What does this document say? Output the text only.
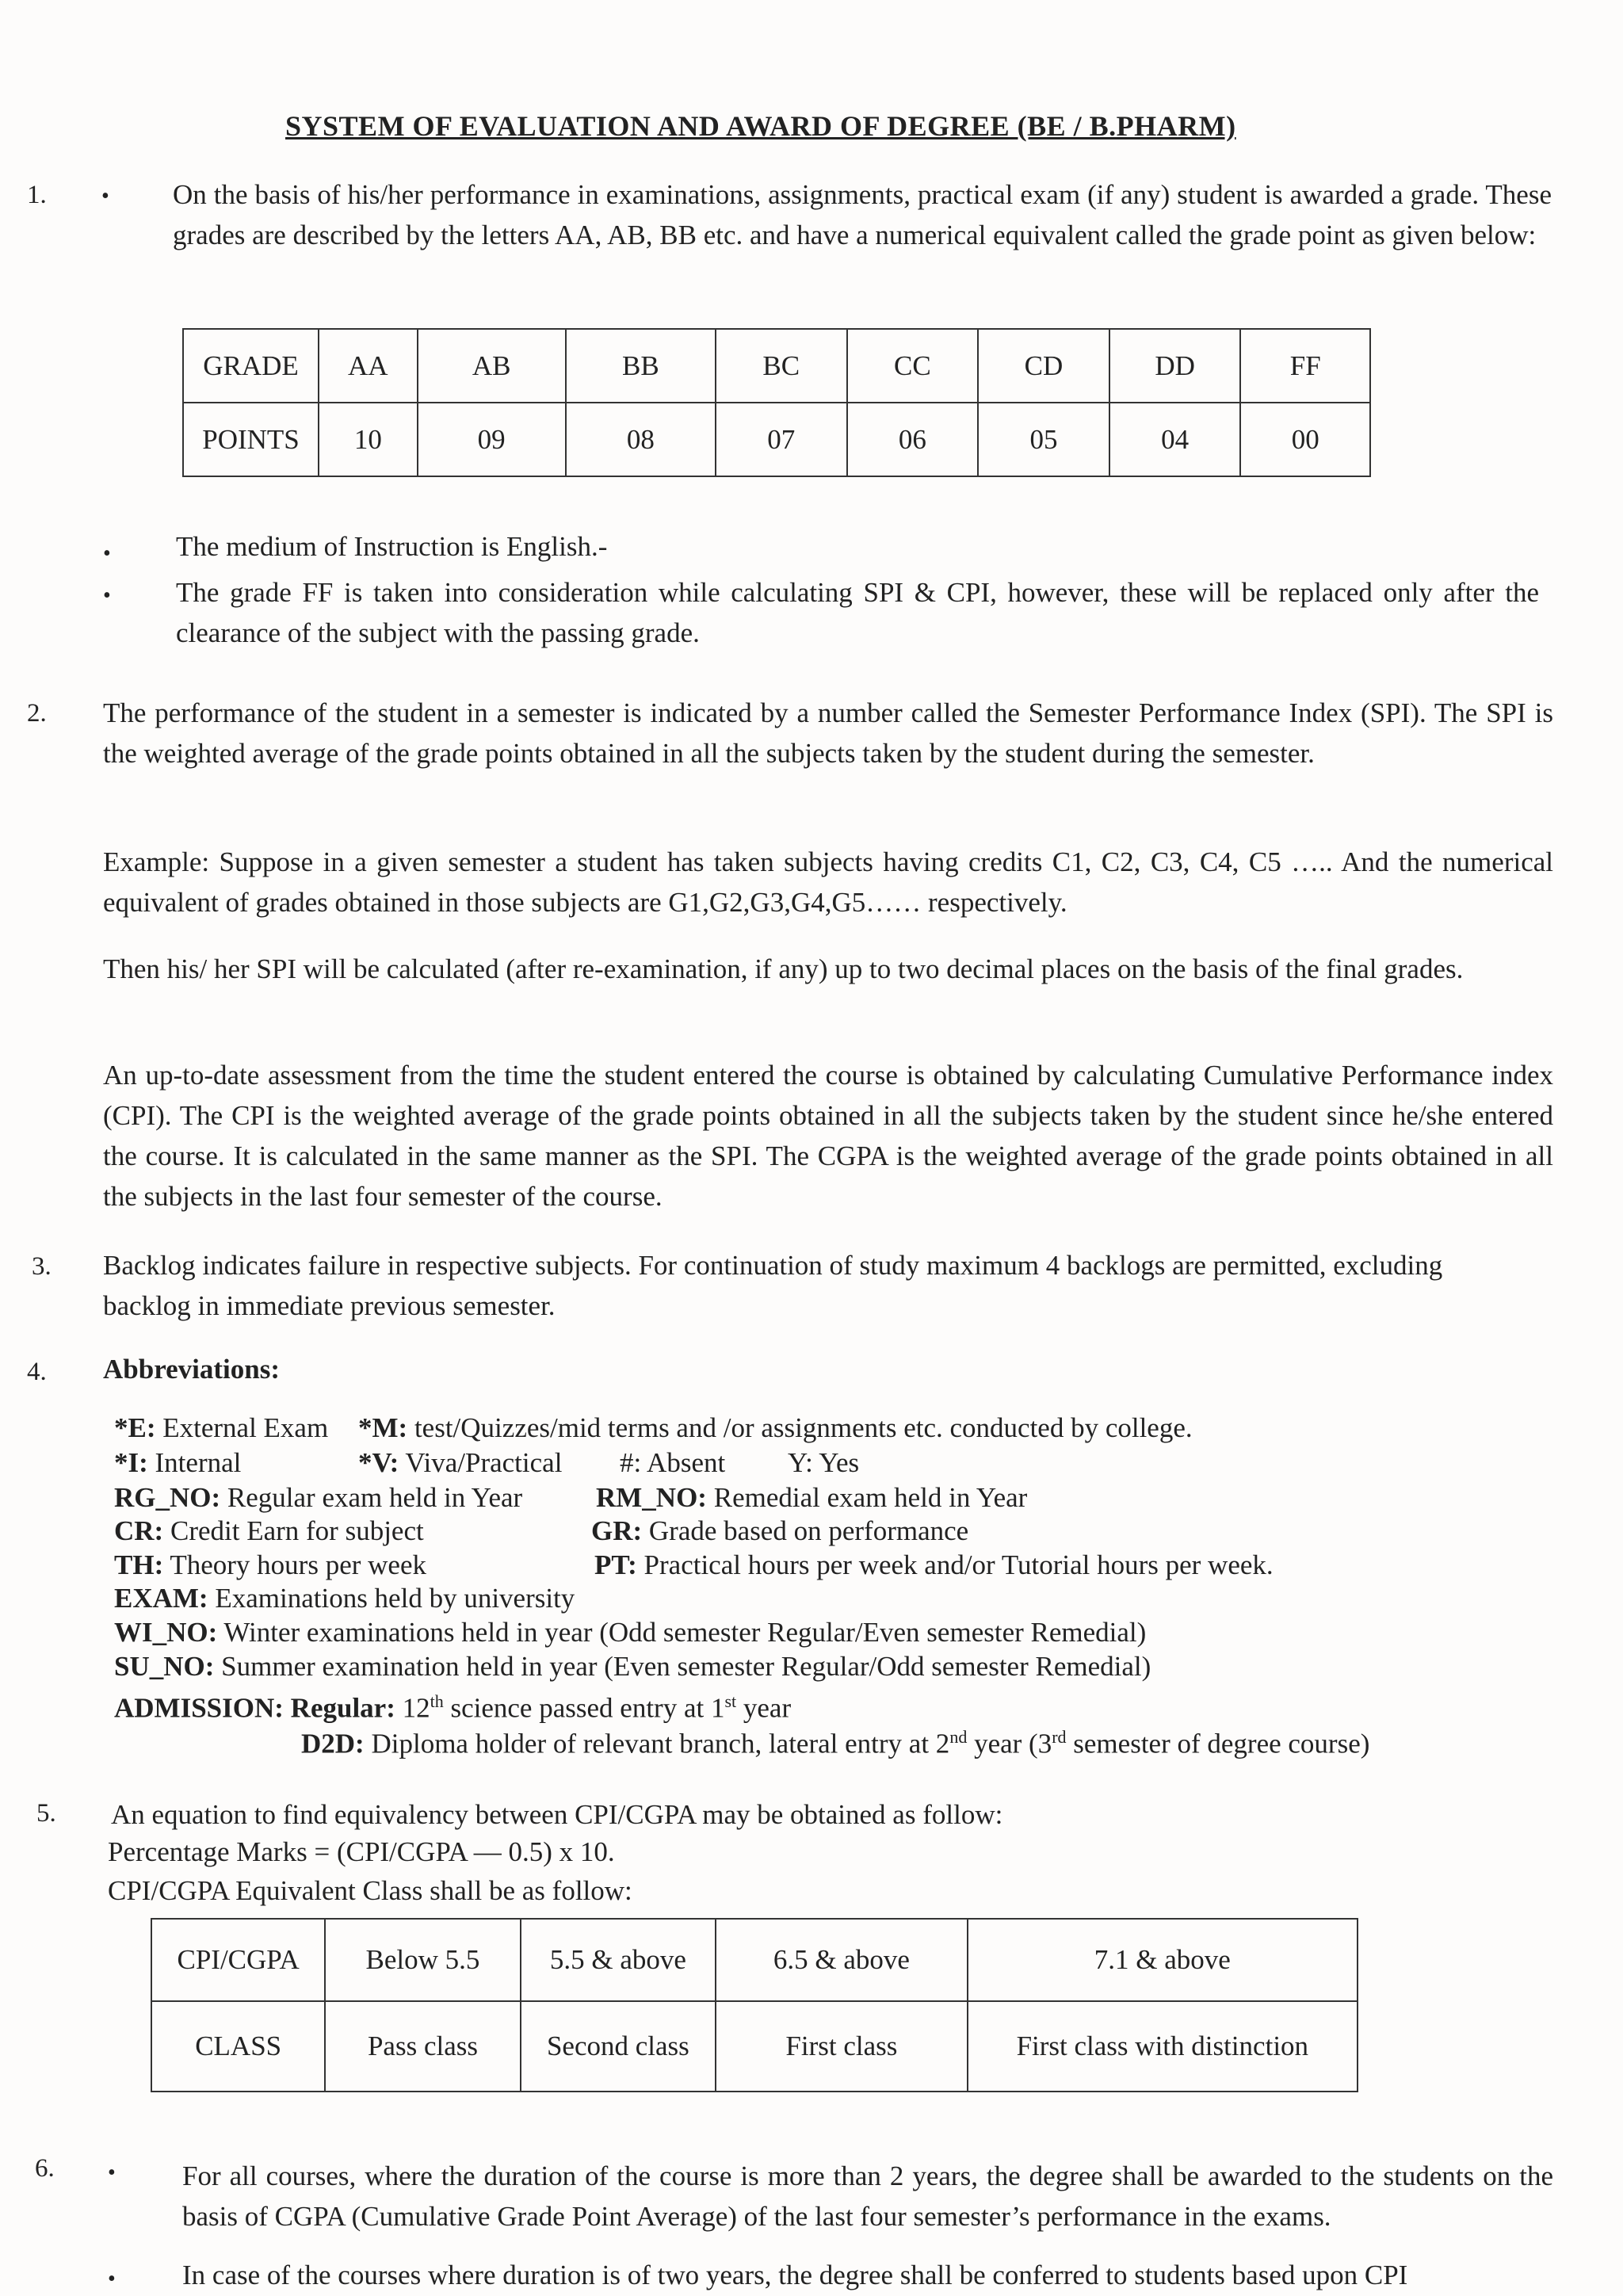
SYSTEM OF EVALUATION AND AWARD OF DEGREE (BE / B.PHARM)
1. • On the basis of his/her performance in examinations, assignments, practical exam (if any) student is awarded a grade. These grades are described by the letters AA, AB, BB etc. and have a numerical equivalent called the grade point as given below:
GRADE	AA	AB	BB	BC	CC	CD	DD	FF
POINTS	10	09	08	07	06	05	04	00
• The medium of Instruction is English.-
• The grade FF is taken into consideration while calculating SPI & CPI, however, these will be replaced only after the clearance of the subject with the passing grade.
2. The performance of the student in a semester is indicated by a number called the Semester Performance Index (SPI). The SPI is the weighted average of the grade points obtained in all the subjects taken by the student during the semester.
Example: Suppose in a given semester a student has taken subjects having credits C1, C2, C3, C4, C5 ….. And the numerical equivalent of grades obtained in those subjects are G1,G2,G3,G4,G5…… respectively.
Then his/ her SPI will be calculated (after re-examination, if any) up to two decimal places on the basis of the final grades.
An up-to-date assessment from the time the student entered the course is obtained by calculating Cumulative Performance index (CPI). The CPI is the weighted average of the grade points obtained in all the subjects taken by the student since he/she entered the course. It is calculated in the same manner as the SPI. The CGPA is the weighted average of the grade points obtained in all the subjects in the last four semester of the course.
3. Backlog indicates failure in respective subjects. For continuation of study maximum 4 backlogs are permitted, excluding backlog in immediate previous semester.
4. Abbreviations:
*E: External Exam *M: test/Quizzes/mid terms and /or assignments etc. conducted by college.
*I: Internal	*V: Viva/Practical #: Absent Y: Yes
RG_NO: Regular exam held in Year	RM_NO: Remedial exam held in Year
CR: Credit Earn for subject	GR: Grade based on performance
TH: Theory hours per week	PT: Practical hours per week and/or Tutorial hours per week.
EXAM: Examinations held by university
WI_NO: Winter examinations held in year (Odd semester Regular/Even semester Remedial)
SU_NO: Summer examination held in year (Even semester Regular/Odd semester Remedial)
ADMISSION: Regular: 12th science passed entry at 1st year
D2D: Diploma holder of relevant branch, lateral entry at 2nd year (3rd semester of degree course)
5. An equation to find equivalency between CPI/CGPA may be obtained as follow:
Percentage Marks = (CPI/CGPA — 0.5) x 10.
CPI/CGPA Equivalent Class shall be as follow:
CPI/CGPA	Below 5.5	5.5 & above	6.5 & above	7.1 & above
CLASS	Pass class	Second class	First class	First class with distinction
6. • For all courses, where the duration of the course is more than 2 years, the degree shall be awarded to the students on the basis of CGPA (Cumulative Grade Point Average) of the last four semester’s performance in the exams.
• In case of the courses where duration is of two years, the degree shall be conferred to students based upon CPI
